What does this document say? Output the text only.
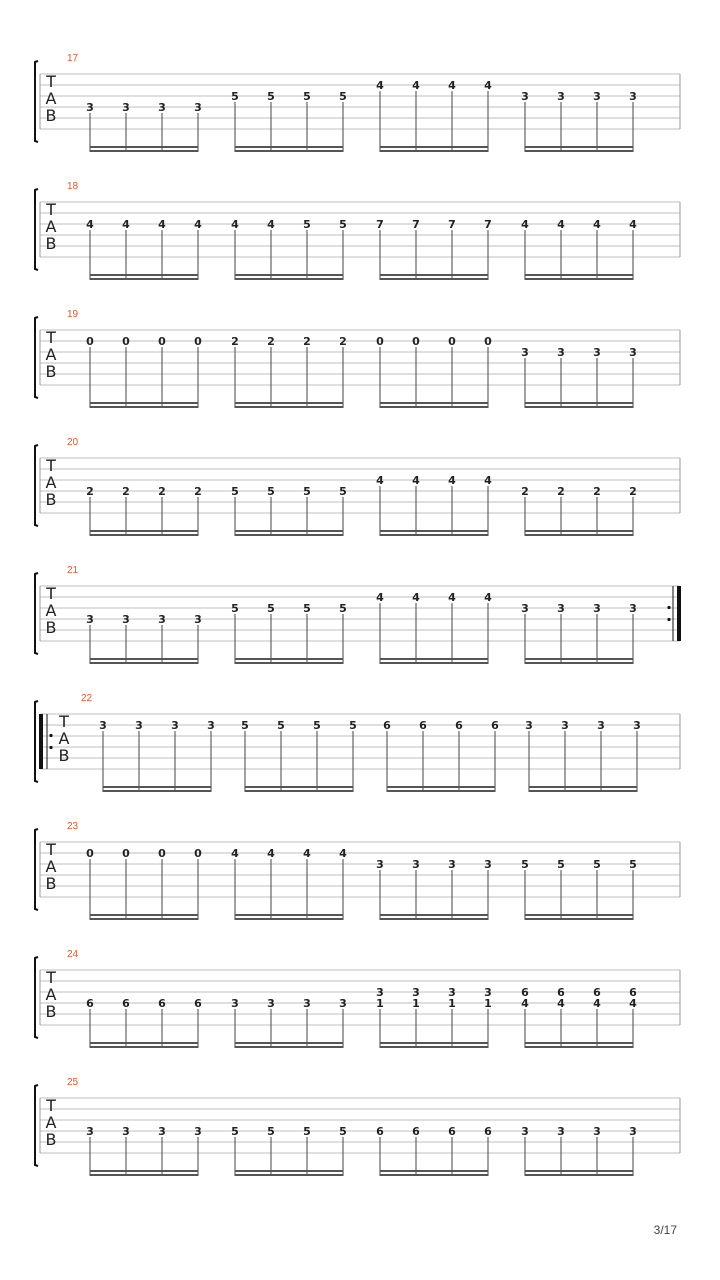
T
A
B
17
3	3	3	3
5	5	5	5
4	4	4	4
3	3	3	3
T
A
B
18
4	4	4	4	4	4	5	5	7	7	7	7	4	4	4	4
T
A
B
19
0	0	0	0	2	2	2	2	0	0	0	0
3	3	3	3
T
A
B
20
2	2	2	2	5	5	5	5
4	4	4	4
2	2	2	2
T
A
B
21
3	3	3	3
5	5	5	5
4	4	4	4
3	3	3	3
T
A
B
22
3	3	3	3 5	5	5	5 6	6	6	6 3	3	3	3
T
A
B
23
0	0	0	0	4	4	4	4
3	3	3	3	5	5	5	5
T
A
B
24
6	6	6	6	3	3	3	3
3
1
3
1
3
1
3
1
6
4
6
4
6
4
6
4
T
A
B
25
3	3	3	3	5	5	5	5	6	6	6	6	3	3	3	3
3/17
